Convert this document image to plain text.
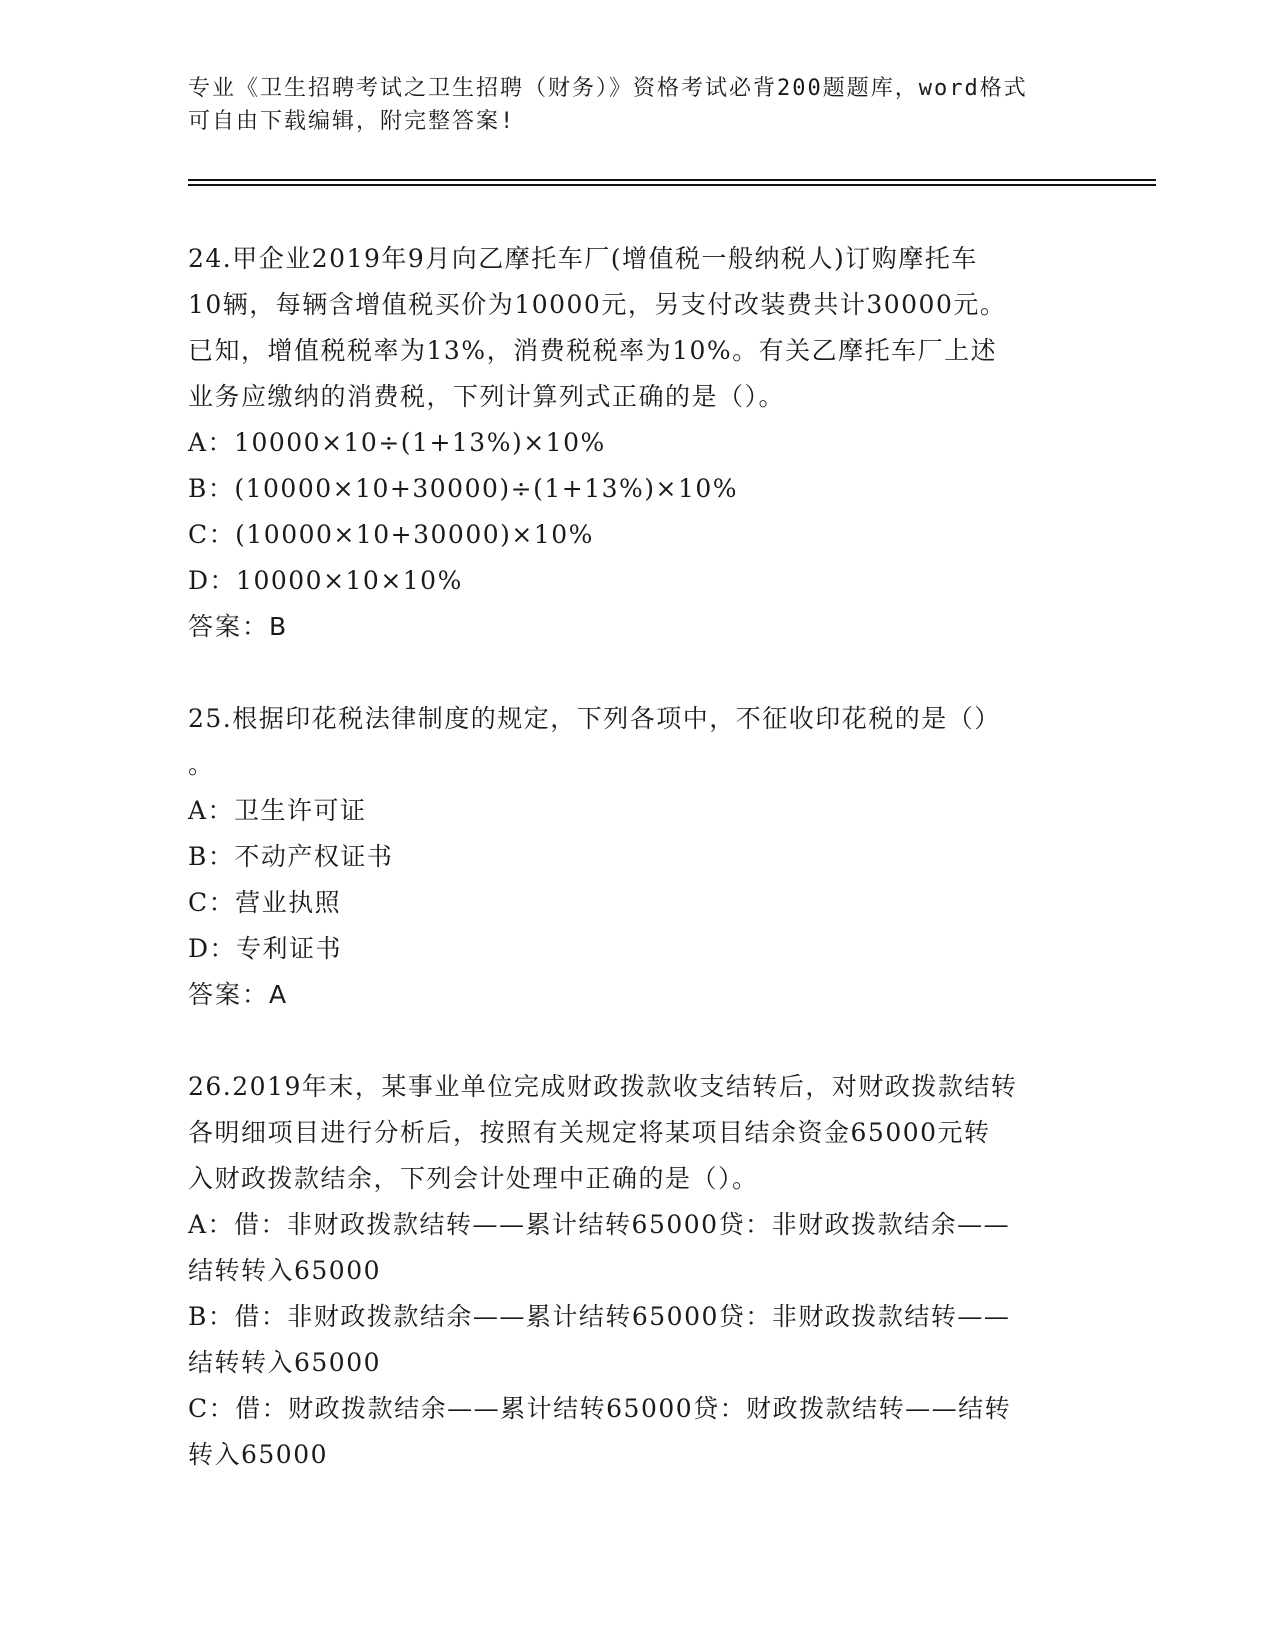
专业《卫生招聘考试之卫生招聘（财务）》资格考试必背200题题库，word格式
可自由下载编辑，附完整答案!

24.甲企业2019年9月向乙摩托车厂(增值税一般纳税人)订购摩托车

10辆，每辆含增值税买价为10000元，另支付改装费共计30000元。

已知，增值税税率为13%，消费税税率为10%。有关乙摩托车厂上述

业务应缴纳的消费税，下列计算列式正确的是（）。

A：10000×10÷(1+13%)×10%

B：(10000×10+30000)÷(1+13%)×10%

C：(10000×10+30000)×10%

D：10000×10×10%

答案：B

25.根据印花税法律制度的规定，下列各项中，不征收印花税的是（）

。

A：卫生许可证

B：不动产权证书

C：营业执照

D：专利证书

答案：A

26.2019年末，某事业单位完成财政拨款收支结转后，对财政拨款结转

各明细项目进行分析后，按照有关规定将某项目结余资金65000元转

入财政拨款结余，下列会计处理中正确的是（）。

A：借：非财政拨款结转——累计结转65000贷：非财政拨款结余——

结转转入65000

B：借：非财政拨款结余——累计结转65000贷：非财政拨款结转——

结转转入65000

C：借：财政拨款结余——累计结转65000贷：财政拨款结转——结转

转入65000
